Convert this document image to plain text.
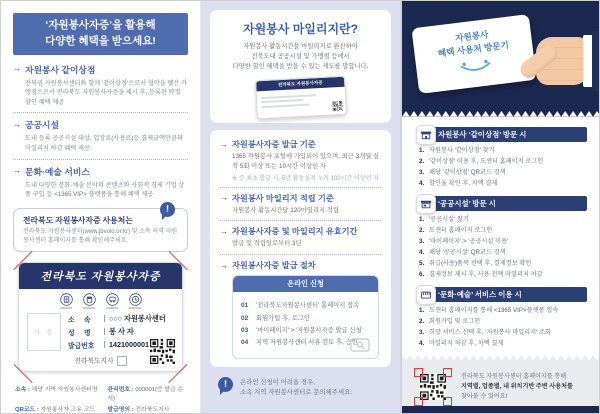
‘자원봉사자증’을 활용해
다양한 혜택을 받으세요!
→ 자원봉사 같이상점
전북권 자원봉사센터와 함께 '같이상점'으로서 협약을 맺은 가맹점으로서 전라북도 자원봉사자증을 제시 후, 등록된 약정 할인 혜택 제공
→ 공공시설
도내 등록 공공시설 대상, 입장료(사용료)등 결제금액만큼의 마일리지 차감 혜택 제공
→ 문화·예술 서비스
도내 다양한 문화·예술 분야의 콘텐츠와 사회적 경제 기업 상품 구입 등 <1365 VIP> 플랫폼을 통해 혜택 제공
!
전라북도 자원봉사자증 사용처는
전라북도 자원봉사센터(www.jbvolo.or.kr) 및 소속 지역 자원봉사센터 홈페이지를 통해 확인해주세요.
전라북도 자원봉사자증
사 진
소     속	○○○ 자원봉사센터
성     명	봉 사 자
발급번호	1421000001
전라북도지사
소속 : 해당 지역 자원봉사센터명	관리번호 : 000001(증 발급 순서)
QR코드 : 자원봉사자 고유 코드	발급명의 : 전라북도지사
자원봉사 마일리지란?
자원봉사 활동시간을 마일리지로 환산하여
전북도내 공공시설 및 가맹점 등에서
다양한 할인 혜택을 받을 수 있는 제도를 말합니다.
전라북도 자원봉사자증
→ 자원봉사자증 발급 기준
1365 자원봉사 포털에 가입되어 있으며, 최근 3개월 실적 5회 이상 또는 10시간 이상인 자
※ 증 최초 발급 시, 5년 활동실적 누적 100시간 이상인 자
→ 자원봉사 마일리지 적립 기준
자원봉사 활동시간당 120마일리지 적립
→ 자원봉사자증 및 마일리지 유효기간
발급 및 적립일로부터 3년
→ 자원봉사자증 발급 절차
온라인 신청
01	'전라북도자원봉사센터' 홈페이지 접속
02	회원가입 후, 로그인
03	'마이페이지' > '자원봉사자증 발급 신청'
04	지역 자원봉사센터 서류 검토 후, 승인
!	온라인 신청이 어려울 경우,
소속 지역 자원봉사센터로 문의해주세요.
자원봉사
혜택 사용처 방문기
자원봉사 ‘같이상점’ 방문 시
1. 자원봉사 '같이상점' 찾기
2. '같이상점' 이용 후, 도센터 홈페이지 로그인
3. 해당 '같이상점' QR코드 검색
4. 할인율 확인 후, 차액 결제
‘공공시설’ 방문 시
1. '공공시설' 찾기
2. 도센터 홈페이지 로그인
3. '마이페이지' > '공공시설 이용'
4. 해당 '공공시설' QR코드 검색
5. 취급(사용)품목 선택 후, 결제정보 확인
6. 결제정보 제시 후, 사용 전액 마일리지 차감
‘문화·예술’ 서비스 이용 시
1. 도센터 홈페이지를 통해 <1365 VIP>플랫폼 접속
2. 회원가입 및 로그인
3. 희망 서비스 선택 후, '자원봉사 마일리지' 조회
4. 마일리지 차감 후, 차액 결제
전라북도 자원봉사센터 홈페이지를 통해
지역별, 업종별, 내 위치기반 주변 사용처를
찾아볼 수 있어요!
